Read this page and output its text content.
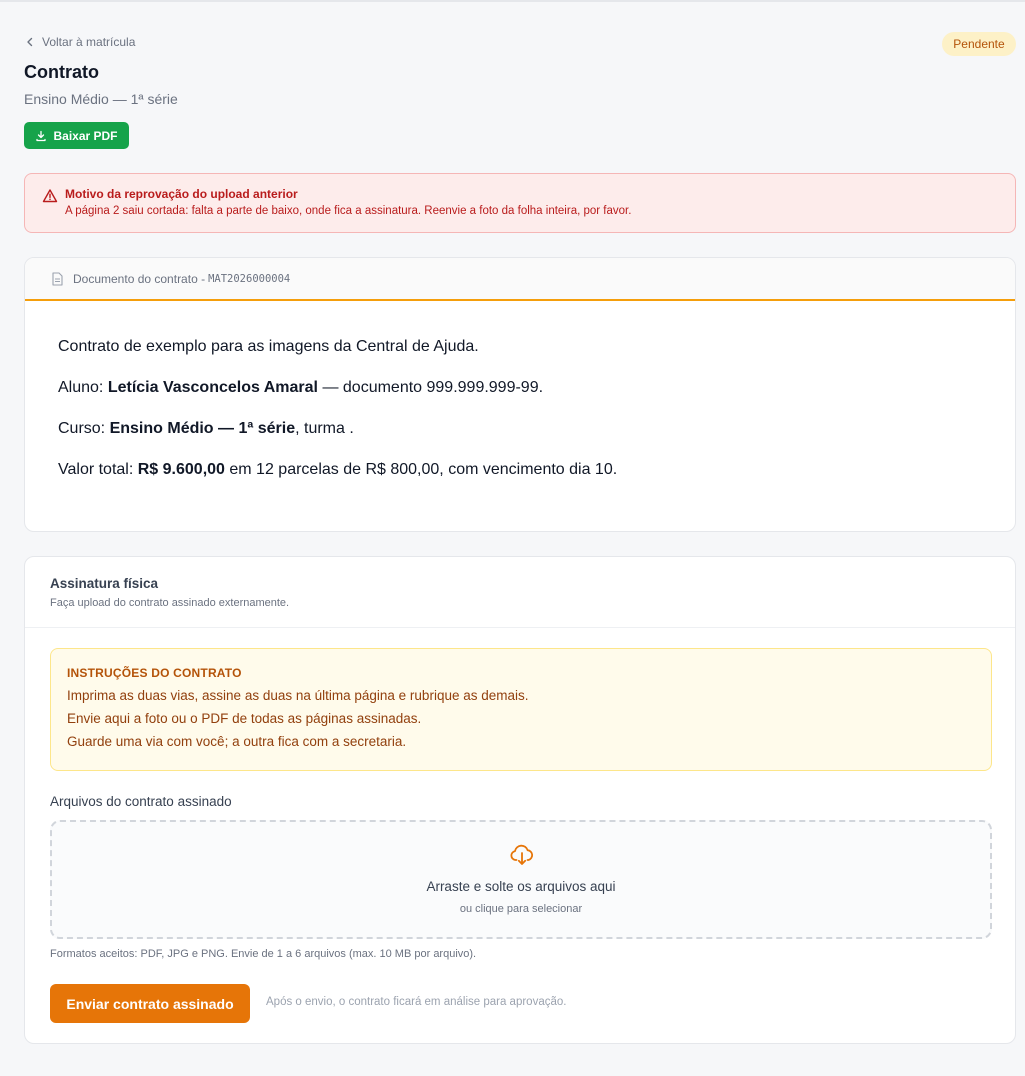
Voltar à matrícula	Pendente
Contrato
Ensino Médio — 1ª série
Baixar PDF
Motivo da reprovação do upload anterior
A página 2 saiu cortada: falta a parte de baixo, onde fica a assinatura. Reenvie a foto da folha inteira, por favor.
Documento do contrato - MAT2026000004

Contrato de exemplo para as imagens da Central de Ajuda.

Aluno: Letícia Vasconcelos Amaral — documento 999.999.999-99.

Curso: Ensino Médio — 1ª série, turma .

Valor total: R$ 9.600,00 em 12 parcelas de R$ 800,00, com vencimento dia 10.

Assinatura física
Faça upload do contrato assinado externamente.
INSTRUÇÕES DO CONTRATO
Imprima as duas vias, assine as duas na última página e rubrique as demais.
Envie aqui a foto ou o PDF de todas as páginas assinadas.
Guarde uma via com você; a outra fica com a secretaria.
Arquivos do contrato assinado
Arraste e solte os arquivos aqui
ou clique para selecionar
Formatos aceitos: PDF, JPG e PNG. Envie de 1 a 6 arquivos (max. 10 MB por arquivo).
Enviar contrato assinado	Após o envio, o contrato ficará em análise para aprovação.
